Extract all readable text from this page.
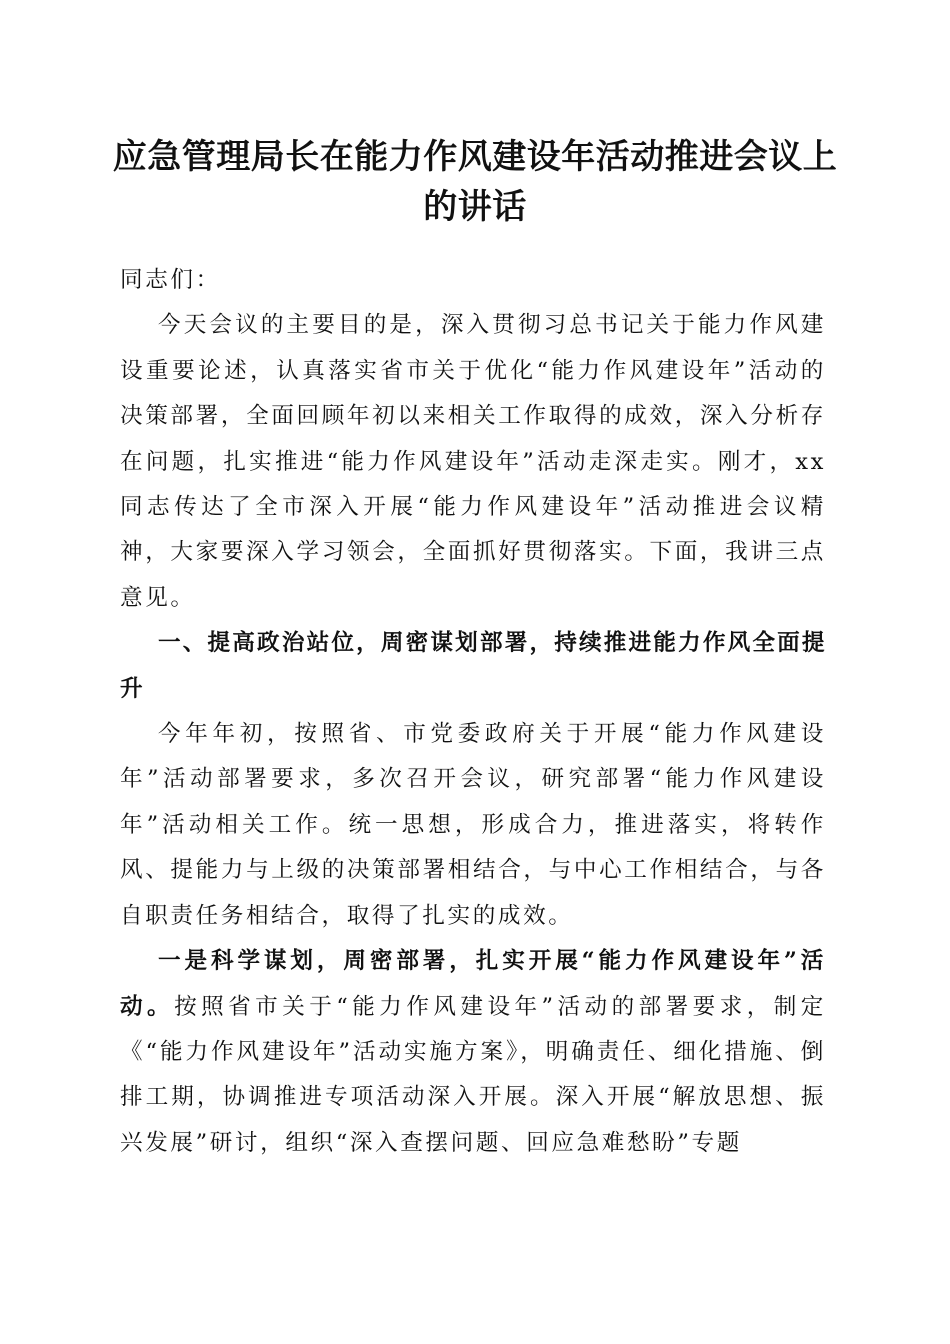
应急管理局长在能力作风建设年活动推进会议上的讲话

同志们：

今天会议的主要目的是，深入贯彻习总书记关于能力作风建设重要论述，认真落实省市关于优化“能力作风建设年”活动的决策部署，全面回顾年初以来相关工作取得的成效，深入分析存在问题，扎实推进“能力作风建设年”活动走深走实。刚才，xx同志传达了全市深入开展“能力作风建设年”活动推进会议精神，大家要深入学习领会，全面抓好贯彻落实。下面，我讲三点意见。

一、提高政治站位，周密谋划部署，持续推进能力作风全面提升

今年年初，按照省、市党委政府关于开展“能力作风建设年”活动部署要求，多次召开会议，研究部署“能力作风建设年”活动相关工作。统一思想，形成合力，推进落实，将转作风、提能力与上级的决策部署相结合，与中心工作相结合，与各自职责任务相结合，取得了扎实的成效。

一是科学谋划，周密部署，扎实开展“能力作风建设年”活动。按照省市关于“能力作风建设年”活动的部署要求，制定《“能力作风建设年”活动实施方案》，明确责任、细化措施、倒排工期，协调推进专项活动深入开展。深入开展“解放思想、振兴发展”研讨，组织“深入查摆问题、回应急难愁盼”专题
